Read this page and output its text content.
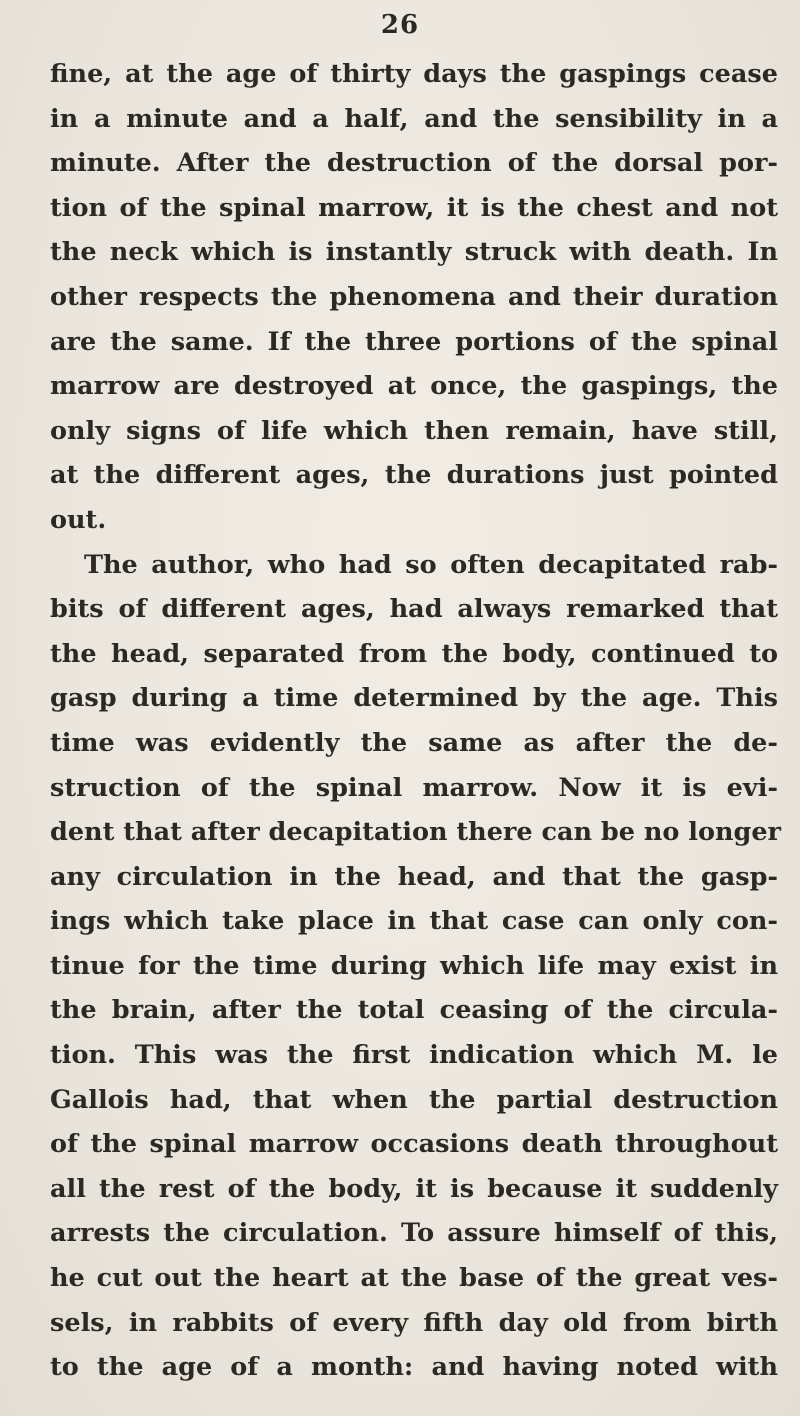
26
fine, at the age of thirty days the gaspings cease
in a minute and a half, and the sensibility in a
minute. After the destruction of the dorsal por-
tion of the spinal marrow, it is the chest and not
the neck which is instantly struck with death. In
other respects the phenomena and their duration
are the same. If the three portions of the spinal
marrow are destroyed at once, the gaspings, the
only signs of life which then remain, have still,
at the different ages, the durations just pointed
out.
The author, who had so often decapitated rab-
bits of different ages, had always remarked that
the head, separated from the body, continued to
gasp during a time determined by the age. This
time was evidently the same as after the de-
struction of the spinal marrow. Now it is evi-
dent that after decapitation there can be no longer
any circulation in the head, and that the gasp-
ings which take place in that case can only con-
tinue for the time during which life may exist in
the brain, after the total ceasing of the circula-
tion. This was the first indication which M. le
Gallois had, that when the partial destruction
of the spinal marrow occasions death throughout
all the rest of the body, it is because it suddenly
arrests the circulation. To assure himself of this,
he cut out the heart at the base of the great ves-
sels, in rabbits of every fifth day old from birth
to the age of a month: and having noted with
